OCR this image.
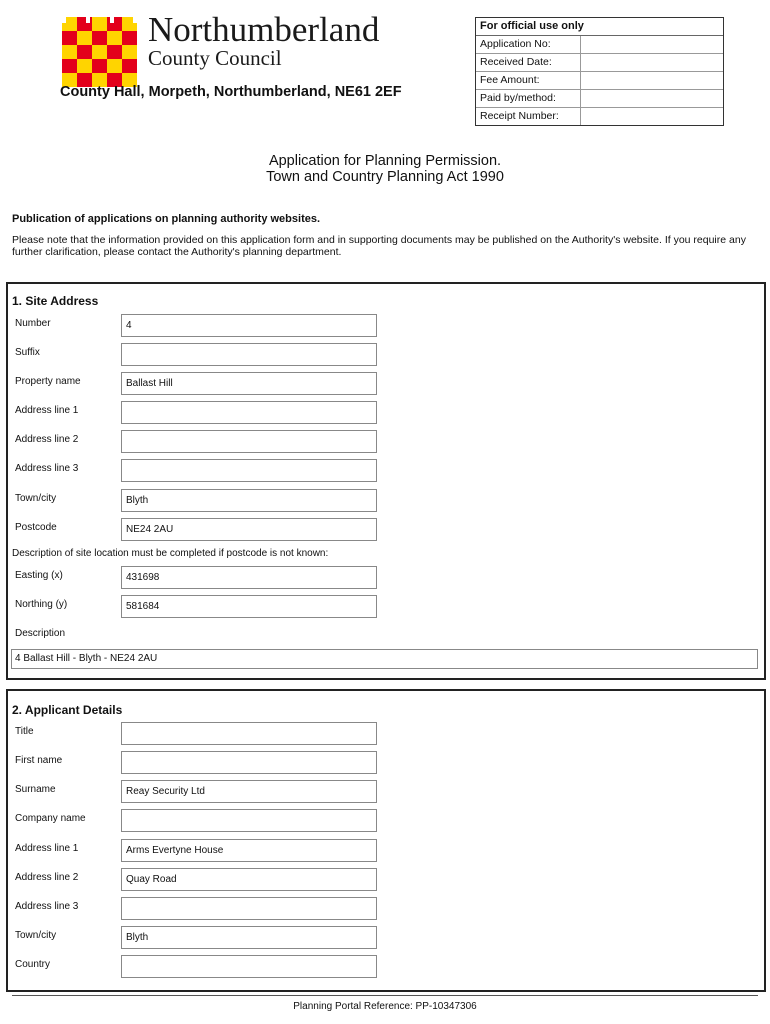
Northumberland
County Council
County Hall, Morpeth, Northumberland, NE61 2EF
For official use only
Application No:
Received Date:
Fee Amount:
Paid by/method:
Receipt Number:
Application for Planning Permission.
Town and Country Planning Act 1990
Publication of applications on planning authority websites.
Please note that the information provided on this application form and in supporting documents may be published on the Authority's website. If you require any further clarification, please contact the Authority's planning department.
1. Site Address
Number	4
Suffix
Property name	Ballast Hill
Address line 1
Address line 2
Address line 3
Town/city	Blyth
Postcode	NE24 2AU
Description of site location must be completed if postcode is not known:
Easting (x)	431698
Northing (y)	581684
Description
4 Ballast Hill - Blyth - NE24 2AU
2. Applicant Details
Title
First name
Surname	Reay Security Ltd
Company name
Address line 1	Arms Evertyne House
Address line 2	Quay Road
Address line 3
Town/city	Blyth
Country
Planning Portal Reference: PP-10347306
